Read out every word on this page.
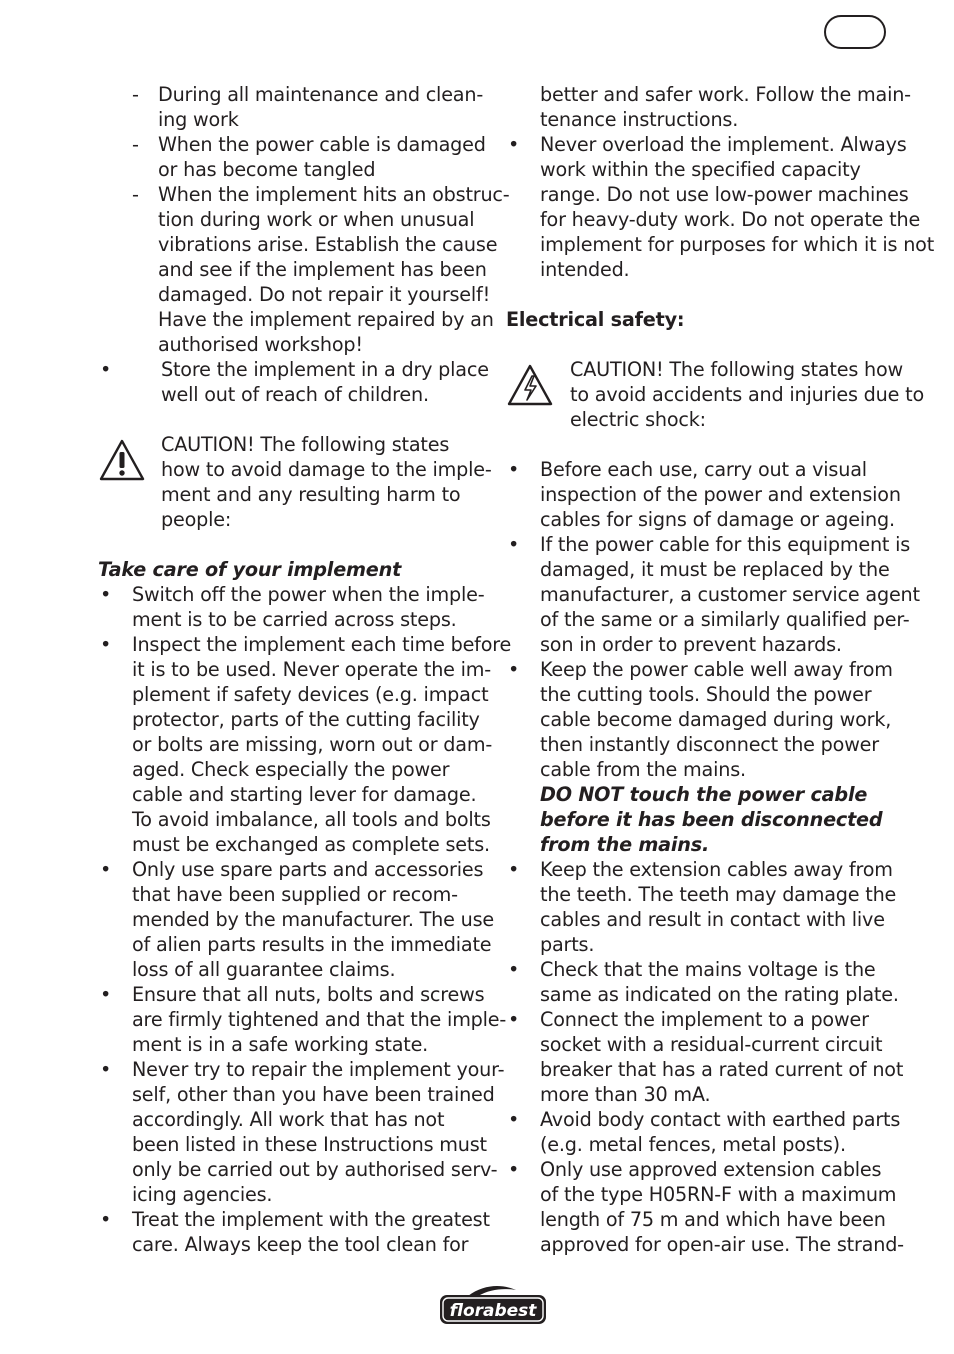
- During all maintenance and clean-
ing work
- When the power cable is damaged
or has become tangled
- When the implement hits an obstruc-
tion during work or when unusual
vibrations arise. Establish the cause
and see if the implement has been
damaged. Do not repair it yourself!
Have the implement repaired by an
authorised workshop!
•	Store the implement in a dry place
well out of reach of children.
CAUTION! The following states
how to avoid damage to the imple-
ment and any resulting harm to
people:
Take care of your implement
• Switch off the power when the imple-
ment is to be carried across steps.
• Inspect the implement each time before
it is to be used. Never operate the im-
plement if safety devices (e.g. impact
protector, parts of the cutting facility
or bolts are missing, worn out or dam-
aged. Check especially the power
cable and starting lever for damage.
To avoid imbalance, all tools and bolts
must be exchanged as complete sets.
• Only use spare parts and accessories
that have been supplied or recom-
mended by the manufacturer. The use
of alien parts results in the immediate
loss of all guarantee claims.
• Ensure that all nuts, bolts and screws
are firmly tightened and that the imple-
ment is in a safe working state.
• Never try to repair the implement your-
self, other than you have been trained
accordingly. All work that has not
been listed in these Instructions must
only be carried out by authorised serv-
icing agencies.
• Treat the implement with the greatest
care. Always keep the tool clean for
better and safer work. Follow the main-
tenance instructions.
• Never overload the implement. Always
work within the specified capacity
range. Do not use low-power machines
for heavy-duty work. Do not operate the
implement for purposes for which it is not
intended.
Electrical safety:
CAUTION! The following states how
to avoid accidents and injuries due to
electric shock:
• Before each use, carry out a visual
inspection of the power and extension
cables for signs of damage or ageing.
• If the power cable for this equipment is
damaged, it must be replaced by the
manufacturer, a customer service agent
of the same or a similarly qualified per-
son in order to prevent hazards.
• Keep the power cable well away from
the cutting tools. Should the power
cable become damaged during work,
then instantly disconnect the power
cable from the mains.
DO NOT touch the power cable
before it has been disconnected
from the mains.
• Keep the extension cables away from
the teeth. The teeth may damage the
cables and result in contact with live
parts.
• Check that the mains voltage is the
same as indicated on the rating plate.
• Connect the implement to a power
socket with a residual-current circuit
breaker that has a rated current of not
more than 30 mA.
• Avoid body contact with earthed parts
(e.g. metal fences, metal posts).
• Only use approved extension cables
of the type H05RN-F with a maximum
length of 75 m and which have been
approved for open-air use. The strand-
florabest
